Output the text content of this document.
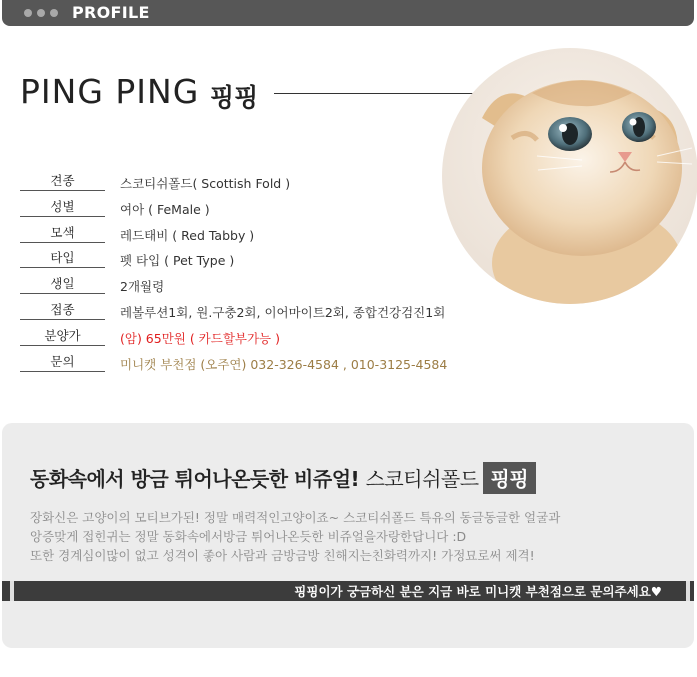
PROFILE
PING PING 핑핑
견종	스코티쉬폴드( Scottish Fold )
성별	여아 ( FeMale )
모색	레드태비 ( Red Tabby )
타입	펫 타입 ( Pet Type )
생일	2개월령
접종	레볼루션1회, 원.구충2회, 이어마이트2회, 종합건강검진1회
분양가	(암) 65만원 ( 카드할부가능 )
문의	미니캣 부천점 (오주연) 032-326-4584 , 010-3125-4584
동화속에서 방금 튀어나온듯한 비쥬얼! 스코티쉬폴드 핑핑
장화신은 고양이의 모티브가된! 정말 매력적인고양이죠~ 스코티쉬폴드 특유의 동글동글한 얼굴과
앙증맞게 접힌귀는 정말 동화속에서방금 튀어나온듯한 비쥬얼을자랑한답니다 :D
또한 경계심이많이 없고 성격이 좋아 사람과 금방금방 친해지는친화력까지! 가정묘로써 제격!
핑핑이가 궁금하신 분은 지금 바로 미니캣 부천점으로 문의주세요♥
